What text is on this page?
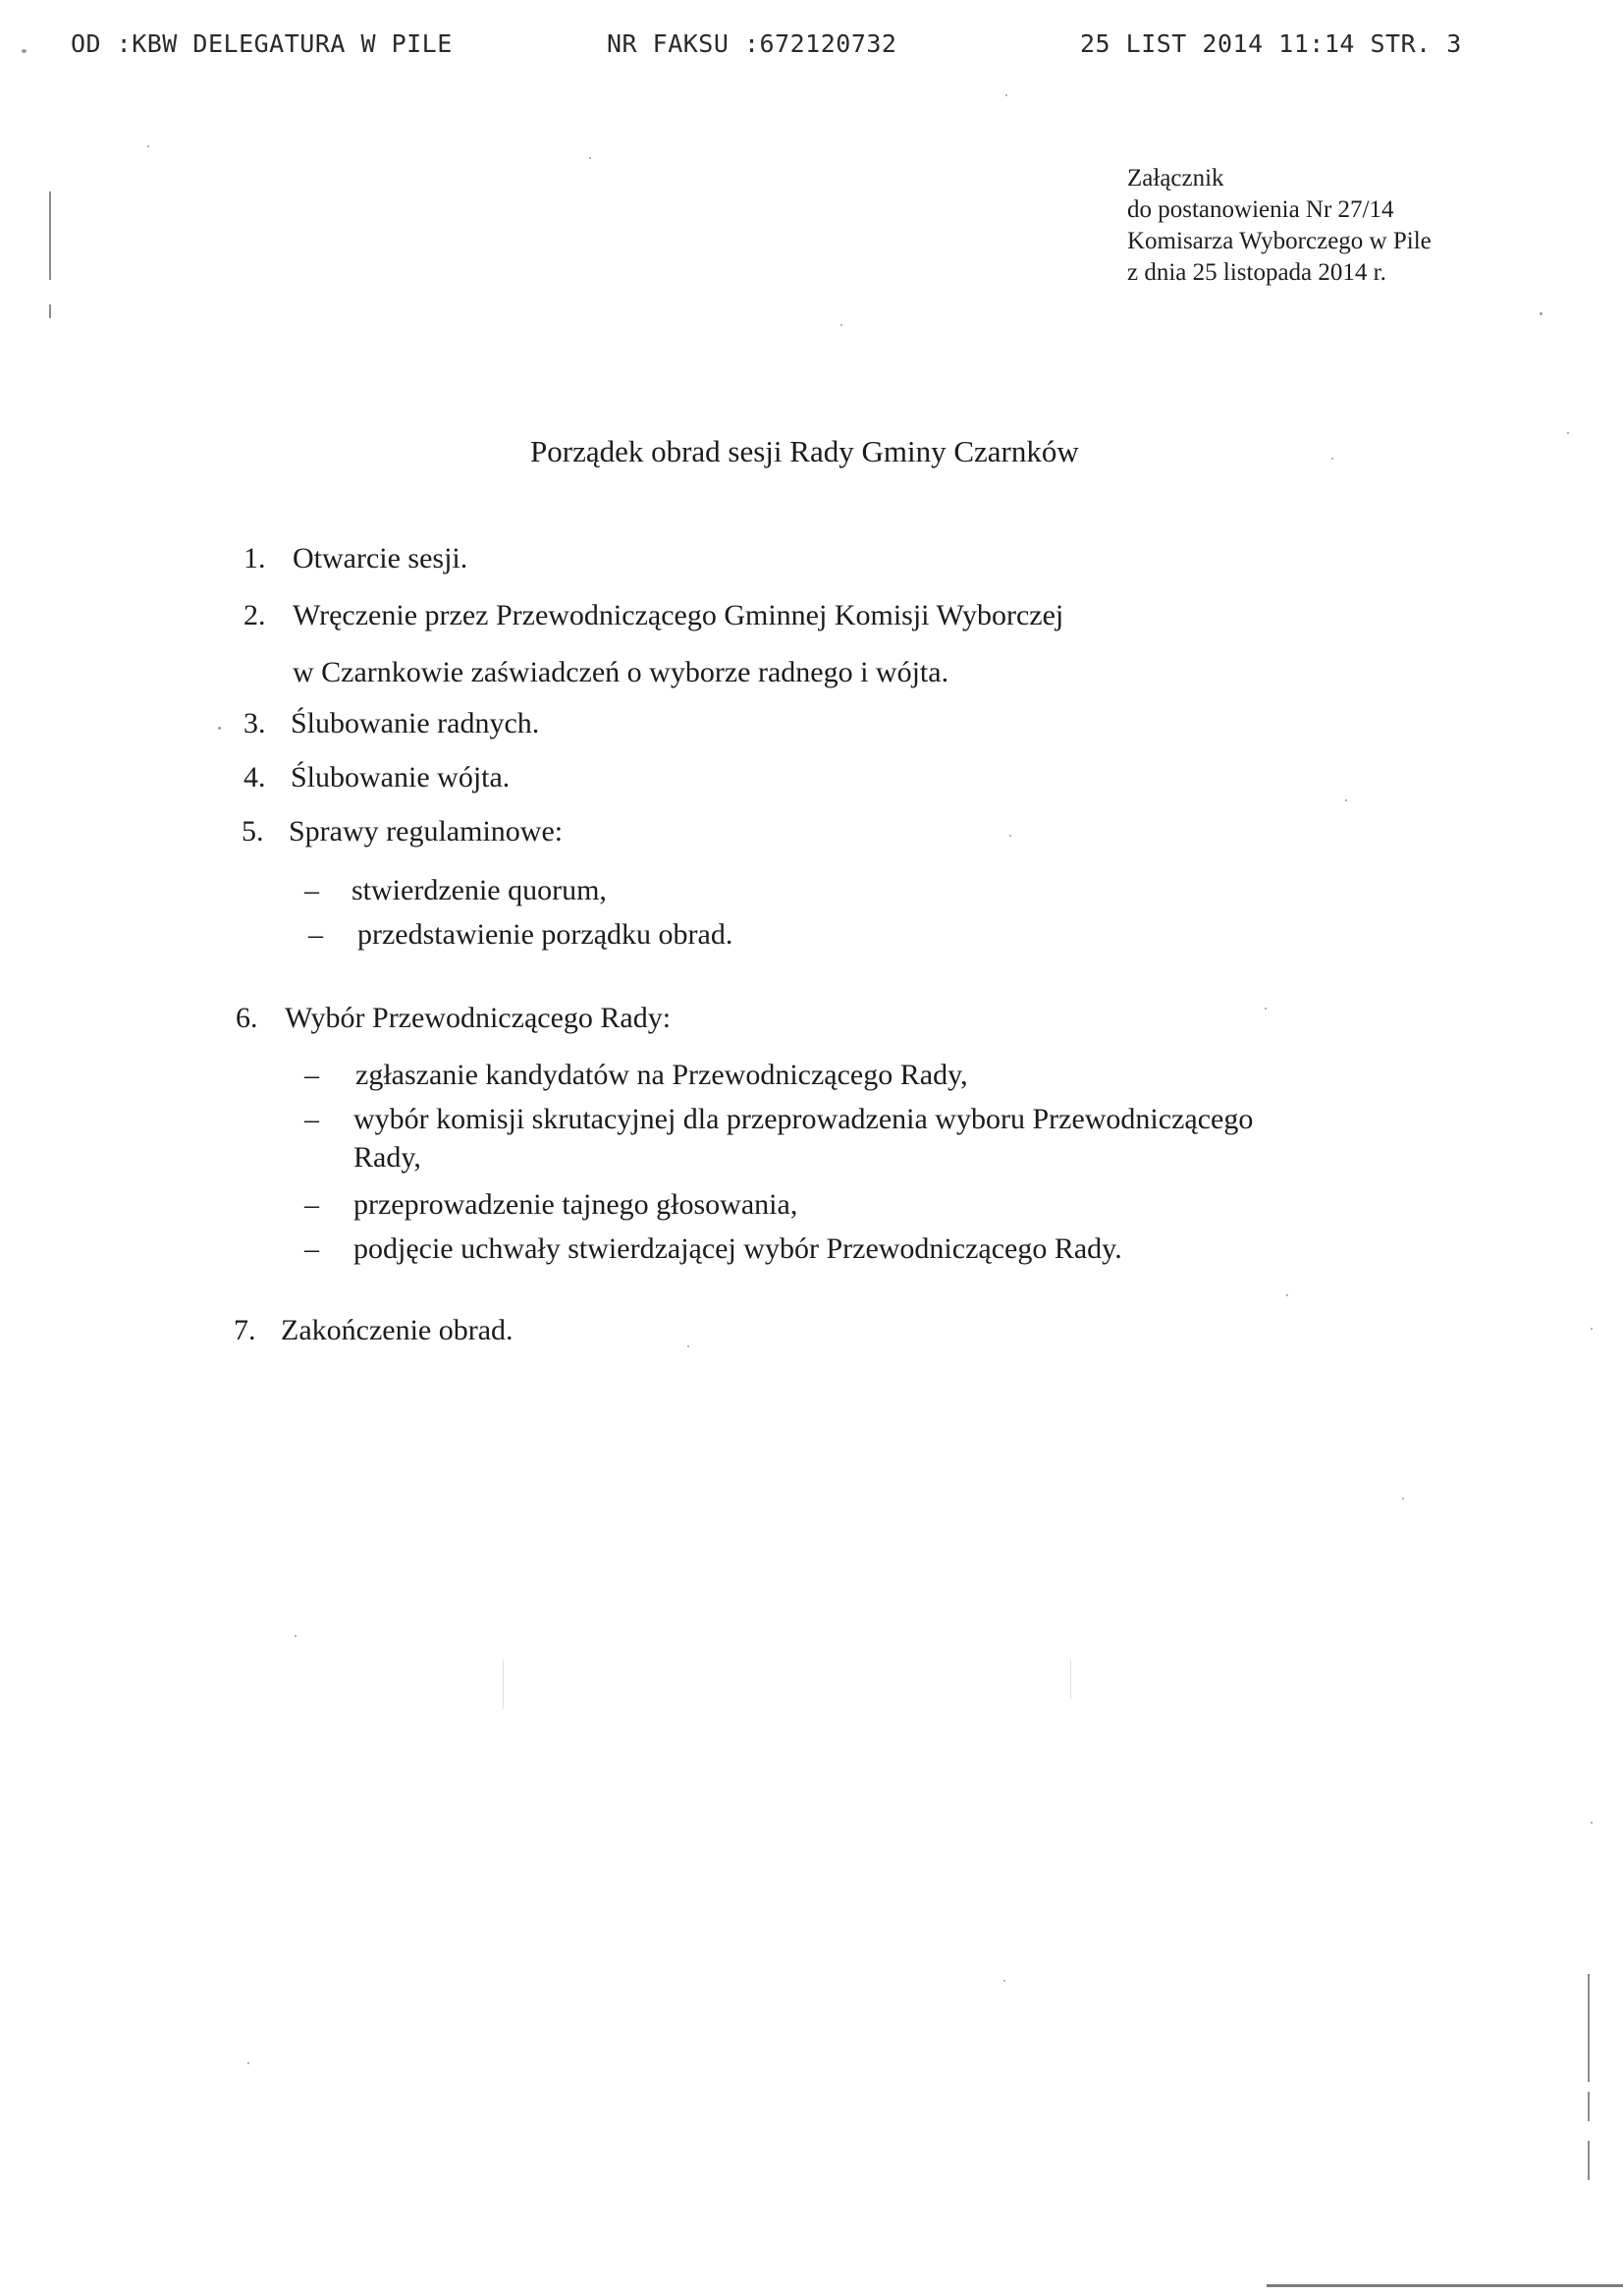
OD :KBW DELEGATURA W PILE	NR FAKSU :672120732	25 LIST 2014 11:14 STR. 3
Załącznik
do postanowienia Nr 27/14
Komisarza Wyborczego w Pile
z dnia 25 listopada 2014 r.
Porządek obrad sesji Rady Gminy Czarnków
1. Otwarcie sesji.
2. Wręczenie przez Przewodniczącego Gminnej Komisji Wyborczej
w Czarnkowie zaświadczeń o wyborze radnego i wójta.
3. Ślubowanie radnych.
4. Ślubowanie wójta.
5. Sprawy regulaminowe:
– stwierdzenie quorum,
– przedstawienie porządku obrad.
6. Wybór Przewodniczącego Rady:
– zgłaszanie kandydatów na Przewodniczącego Rady,
– wybór komisji skrutacyjnej dla przeprowadzenia wyboru Przewodniczącego
Rady,
– przeprowadzenie tajnego głosowania,
– podjęcie uchwały stwierdzającej wybór Przewodniczącego Rady.
7. Zakończenie obrad.
